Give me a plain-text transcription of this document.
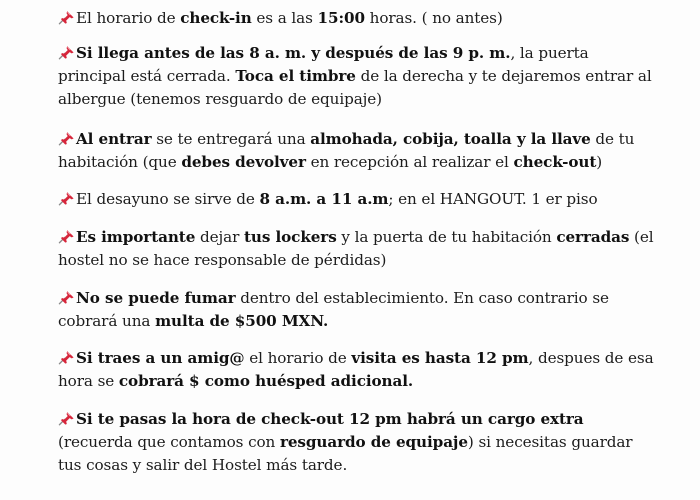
El horario de check-in es a las 15:00 horas. ( no antes)

Si llega antes de las 8 a. m. y después de las 9 p. m., la puerta principal está cerrada. Toca el timbre de la derecha y te dejaremos entrar al albergue (tenemos resguardo de equipaje)

Al entrar se te entregará una almohada, cobija, toalla y la llave de tu habitación (que debes devolver en recepción al realizar el check-out)

El desayuno se sirve de 8 a.m. a 11 a.m; en el HANGOUT. 1 er piso

Es importante dejar tus lockers y la puerta de tu habitación cerradas (el hostel no se hace responsable de pérdidas)

No se puede fumar dentro del establecimiento. En caso contrario se cobrará una multa de $500 MXN.

Si traes a un amig@ el horario de visita es hasta 12 pm, despues de esa hora se cobrará $ como huésped adicional.

Si te pasas la hora de check-out 12 pm habrá un cargo extra (recuerda que contamos con resguardo de equipaje) si necesitas guardar tus cosas y salir del Hostel más tarde.
